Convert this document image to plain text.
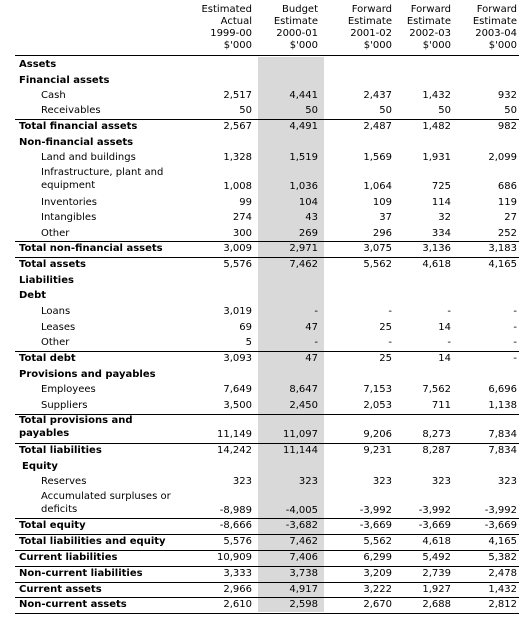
Estimated
Actual
1999-00
$'000
Budget
Estimate
2000-01
$'000
Forward
Estimate
2001-02
$'000
Forward
Estimate
2002-03
$'000
Forward
Estimate
2003-04
$'000
Assets
Financial assets
Cash	2,517	4,441	2,437	1,432	932
Receivables	50	50	50	50	50
Total financial assets	2,567	4,491	2,487	1,482	982
Non-financial assets
Land and buildings	1,328	1,519	1,569	1,931	2,099
Infrastructure, plant and equipment	1,008	1,036	1,064	725	686
Inventories	99	104	109	114	119
Intangibles	274	43	37	32	27
Other	300	269	296	334	252
Total non-financial assets	3,009	2,971	3,075	3,136	3,183
Total assets	5,576	7,462	5,562	4,618	4,165
Liabilities
Debt
Loans	3,019	-	-	-	-
Leases	69	47	25	14	-
Other	5	-	-	-	-
Total debt	3,093	47	25	14	-
Provisions and payables
Employees	7,649	8,647	7,153	7,562	6,696
Suppliers	3,500	2,450	2,053	711	1,138
Total provisions and payables	11,149	11,097	9,206	8,273	7,834
Total liabilities	14,242	11,144	9,231	8,287	7,834
Equity
Reserves	323	323	323	323	323
Accumulated surpluses or deficits	-8,989	-4,005	-3,992	-3,992	-3,992
Total equity	-8,666	-3,682	-3,669	-3,669	-3,669
Total liabilities and equity	5,576	7,462	5,562	4,618	4,165
Current liabilities	10,909	7,406	6,299	5,492	5,382
Non-current liabilities	3,333	3,738	3,209	2,739	2,478
Current assets	2,966	4,917	3,222	1,927	1,432
Non-current assets	2,610	2,598	2,670	2,688	2,812
